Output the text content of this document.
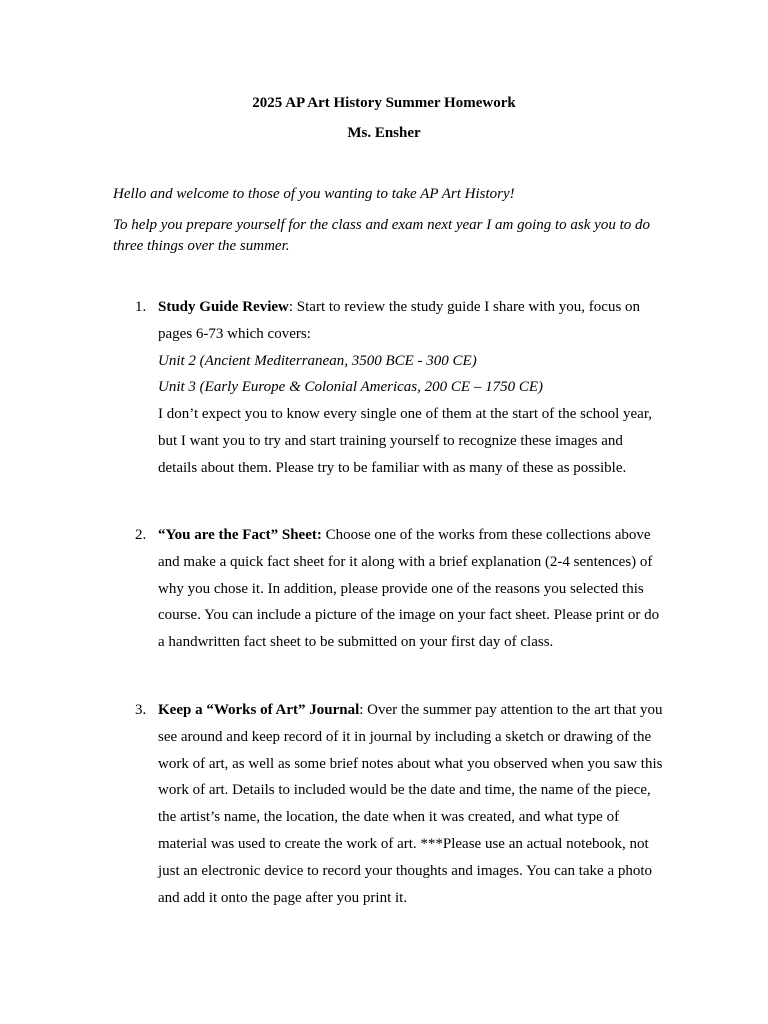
2025 AP Art History Summer Homework
Ms. Ensher
Hello and welcome to those of you wanting to take AP Art History!
To help you prepare yourself for the class and exam next year I am going to ask you to do three things over the summer.
1. Study Guide Review: Start to review the study guide I share with you, focus on pages 6-73 which covers:
Unit 2 (Ancient Mediterranean, 3500 BCE - 300 CE)
Unit 3 (Early Europe & Colonial Americas, 200 CE – 1750 CE)
I don’t expect you to know every single one of them at the start of the school year, but I want you to try and start training yourself to recognize these images and details about them. Please try to be familiar with as many of these as possible.
2. “You are the Fact” Sheet: Choose one of the works from these collections above and make a quick fact sheet for it along with a brief explanation (2-4 sentences) of why you chose it. In addition, please provide one of the reasons you selected this course. You can include a picture of the image on your fact sheet. Please print or do a handwritten fact sheet to be submitted on your first day of class.
3. Keep a “Works of Art” Journal: Over the summer pay attention to the art that you see around and keep record of it in journal by including a sketch or drawing of the work of art, as well as some brief notes about what you observed when you saw this work of art. Details to included would be the date and time, the name of the piece, the artist’s name, the location, the date when it was created, and what type of material was used to create the work of art. ***Please use an actual notebook, not just an electronic device to record your thoughts and images. You can take a photo and add it onto the page after you print it.
